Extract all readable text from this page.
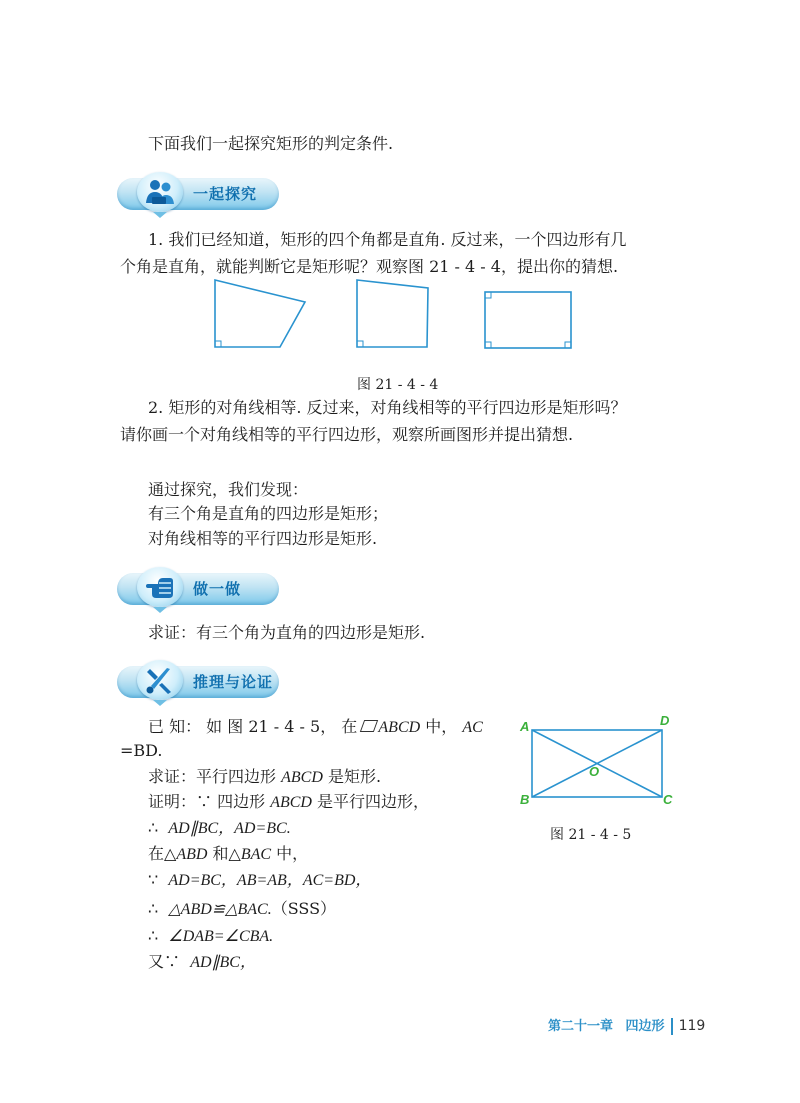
下面我们一起探究矩形的判定条件.
一起探究
1. 我们已经知道，矩形的四个角都是直角. 反过来，一个四边形有几
个角是直角，就能判断它是矩形呢？观察图 21 - 4 - 4，提出你的猜想.
图 21 - 4 - 4
2. 矩形的对角线相等. 反过来，对角线相等的平行四边形是矩形吗？
请你画一个对角线相等的平行四边形，观察所画图形并提出猜想.
通过探究，我们发现：
有三个角是直角的四边形是矩形；
对角线相等的平行四边形是矩形.
做一做
求证：有三个角为直角的四边形是矩形.
推理与论证
已 知： 如 图 21 - 4 - 5， 在 ABCD 中， AC
=BD.
求证：平行四边形 ABCD 是矩形.
证明：∵ 四边形 ABCD 是平行四边形，
∴ AD∥BC，AD=BC.
在△ABD 和△BAC 中，
∵ AD=BC，AB=AB，AC=BD，
∴ △ABD≌△BAC.（SSS）
∴ ∠DAB=∠CBA.
又∵ AD∥BC，
A	D
B	C
O
图 21 - 4 - 5
第二十一章 四边形 119
